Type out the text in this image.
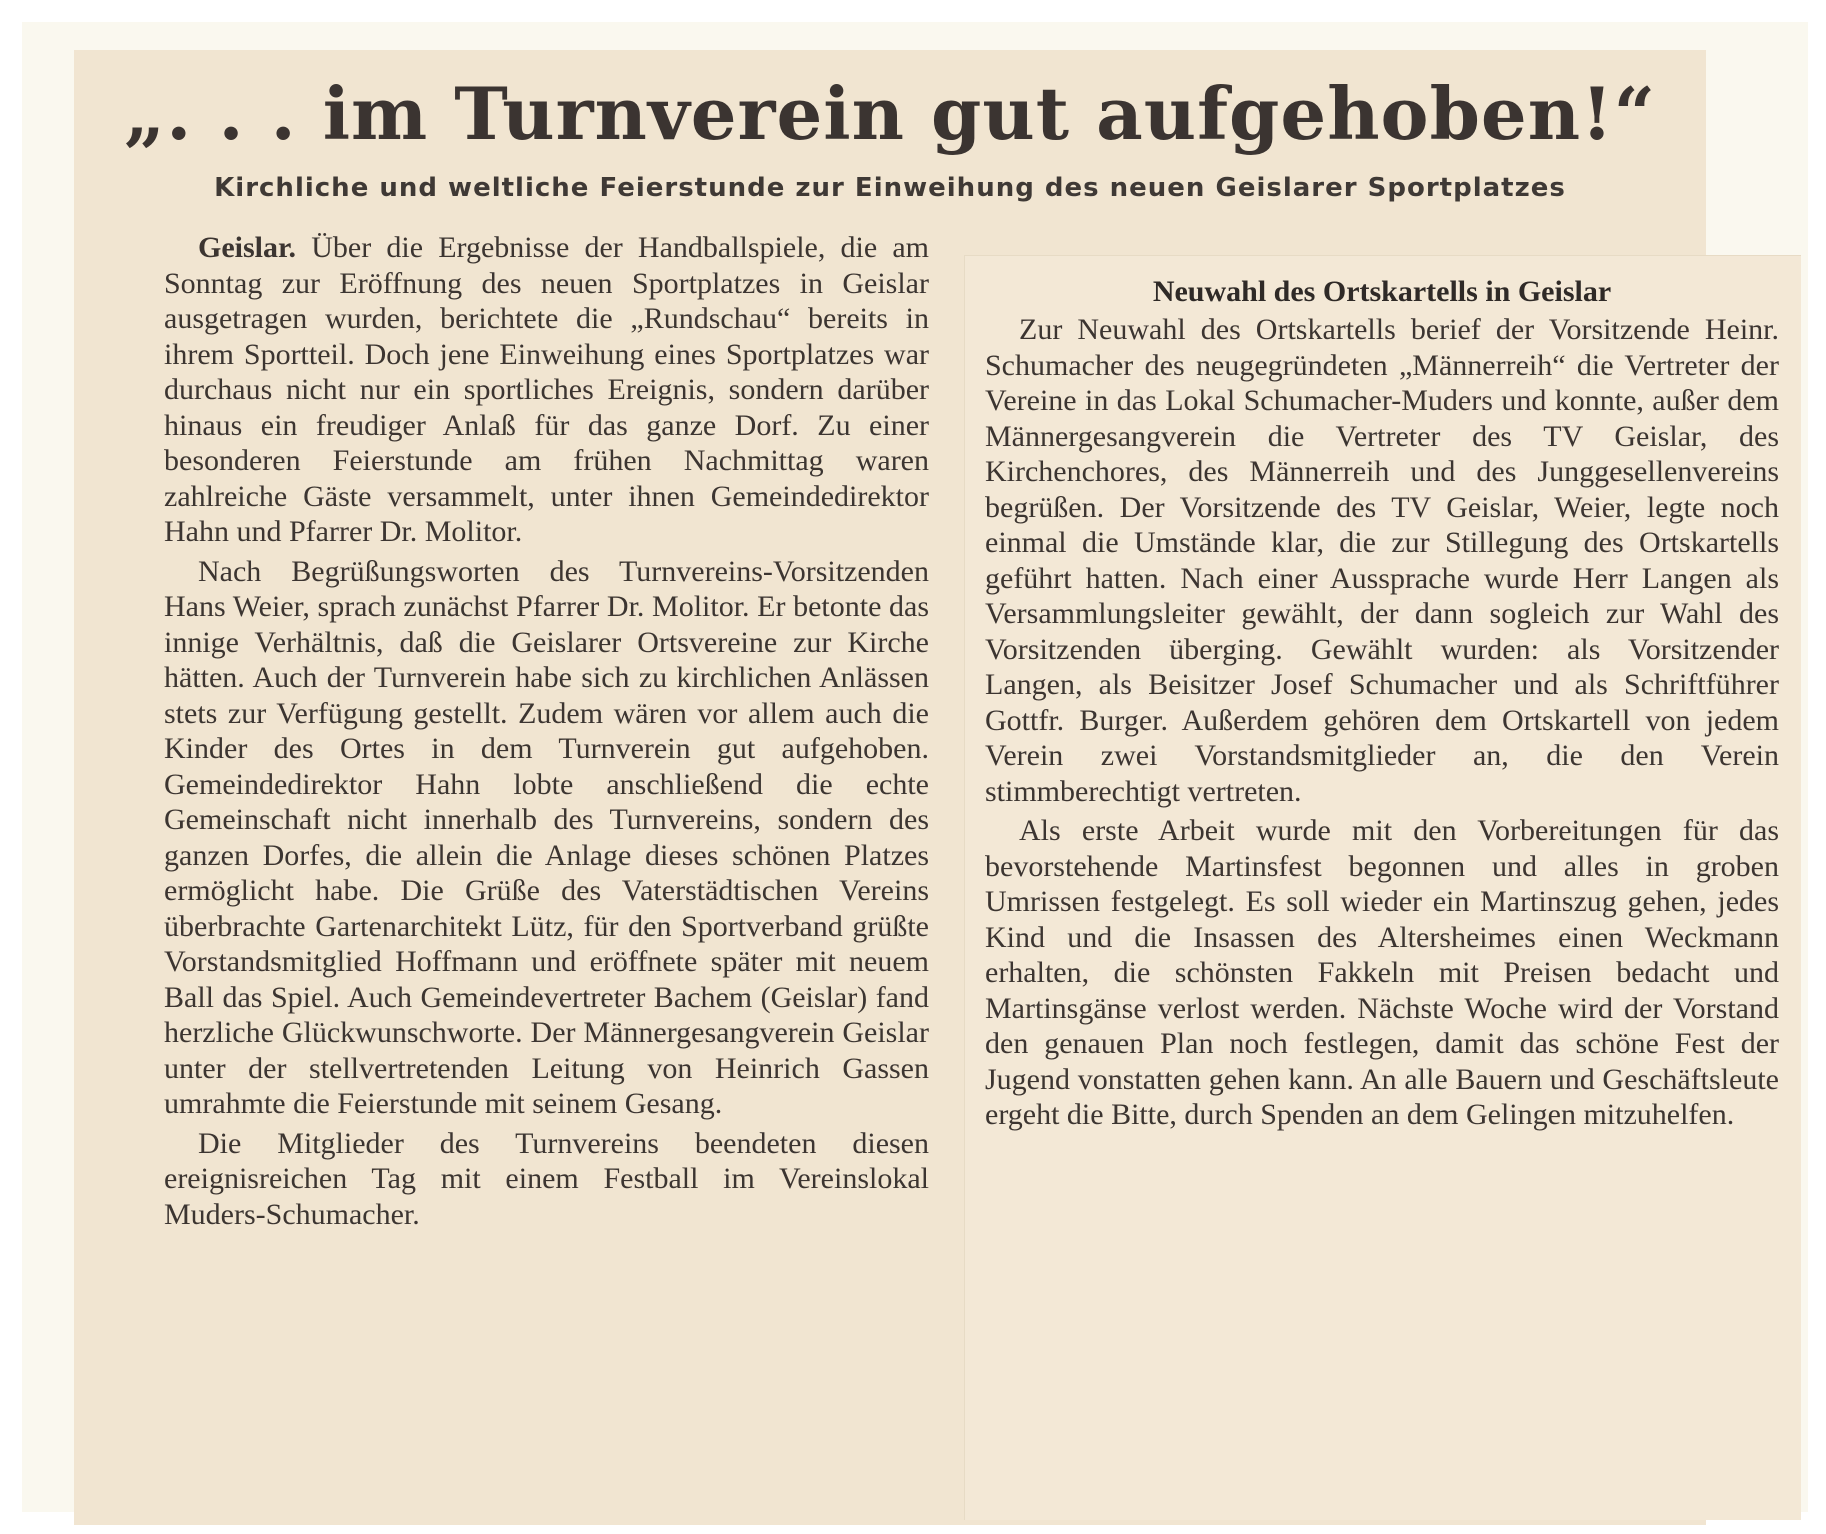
„. . . im Turnverein gut aufgehoben!“
Kirchliche und weltliche Feierstunde zur Einweihung des neuen Geislarer Sportplatzes

Geislar. Über die Ergebnisse der Handballspiele, die am Sonntag zur Eröffnung des neuen Sportplatzes in Geislar ausgetragen wurden, berichtete die „Rundschau“ bereits in ihrem Sportteil. Doch jene Einweihung eines Sportplatzes war durchaus nicht nur ein sportliches Ereignis, sondern darüber hinaus ein freudiger Anlaß für das ganze Dorf. Zu einer besonderen Feierstunde am frühen Nachmittag waren zahlreiche Gäste versammelt, unter ihnen Gemeindedirektor Hahn und Pfarrer Dr. Molitor.

Nach Begrüßungsworten des Turnvereins-Vorsitzenden Hans Weier, sprach zunächst Pfarrer Dr. Molitor. Er betonte das innige Verhältnis, daß die Geislarer Ortsvereine zur Kirche hätten. Auch der Turnverein habe sich zu kirchlichen Anlässen stets zur Verfügung gestellt. Zudem wären vor allem auch die Kinder des Ortes in dem Turnverein gut aufgehoben. Gemeindedirektor Hahn lobte anschließend die echte Gemeinschaft nicht innerhalb des Turnvereins, sondern des ganzen Dorfes, die allein die Anlage dieses schönen Platzes ermöglicht habe. Die Grüße des Vaterstädtischen Vereins überbrachte Gartenarchitekt Lütz, für den Sportverband grüßte Vorstandsmitglied Hoffmann und eröffnete später mit neuem Ball das Spiel. Auch Gemeindevertreter Bachem (Geislar) fand herzliche Glückwunschworte. Der Männergesangverein Geislar unter der stellvertretenden Leitung von Heinrich Gassen umrahmte die Feierstunde mit seinem Gesang.

Die Mitglieder des Turnvereins beendeten diesen ereignisreichen Tag mit einem Festball im Vereinslokal Muders-Schumacher.

Neuwahl des Ortskartells in Geislar

Zur Neuwahl des Ortskartells berief der Vorsitzende Heinr. Schumacher des neugegründeten „Männerreih“ die Vertreter der Vereine in das Lokal Schumacher-Muders und konnte, außer dem Männergesangverein die Vertreter des TV Geislar, des Kirchenchores, des Männerreih und des Junggesellenvereins begrüßen. Der Vorsitzende des TV Geislar, Weier, legte noch einmal die Umstände klar, die zur Stillegung des Ortskartells geführt hatten. Nach einer Aussprache wurde Herr Langen als Versammlungsleiter gewählt, der dann sogleich zur Wahl des Vorsitzenden überging. Gewählt wurden: als Vorsitzender Langen, als Beisitzer Josef Schumacher und als Schriftführer Gottfr. Burger. Außerdem gehören dem Ortskartell von jedem Verein zwei Vorstandsmitglieder an, die den Verein stimmberechtigt vertreten.

Als erste Arbeit wurde mit den Vorbereitungen für das bevorstehende Martinsfest begonnen und alles in groben Umrissen festgelegt. Es soll wieder ein Martinszug gehen, jedes Kind und die Insassen des Altersheimes einen Weckmann erhalten, die schönsten Fakkeln mit Preisen bedacht und Martinsgänse verlost werden. Nächste Woche wird der Vorstand den genauen Plan noch festlegen, damit das schöne Fest der Jugend vonstatten gehen kann. An alle Bauern und Geschäftsleute ergeht die Bitte, durch Spenden an dem Gelingen mitzuhelfen.
